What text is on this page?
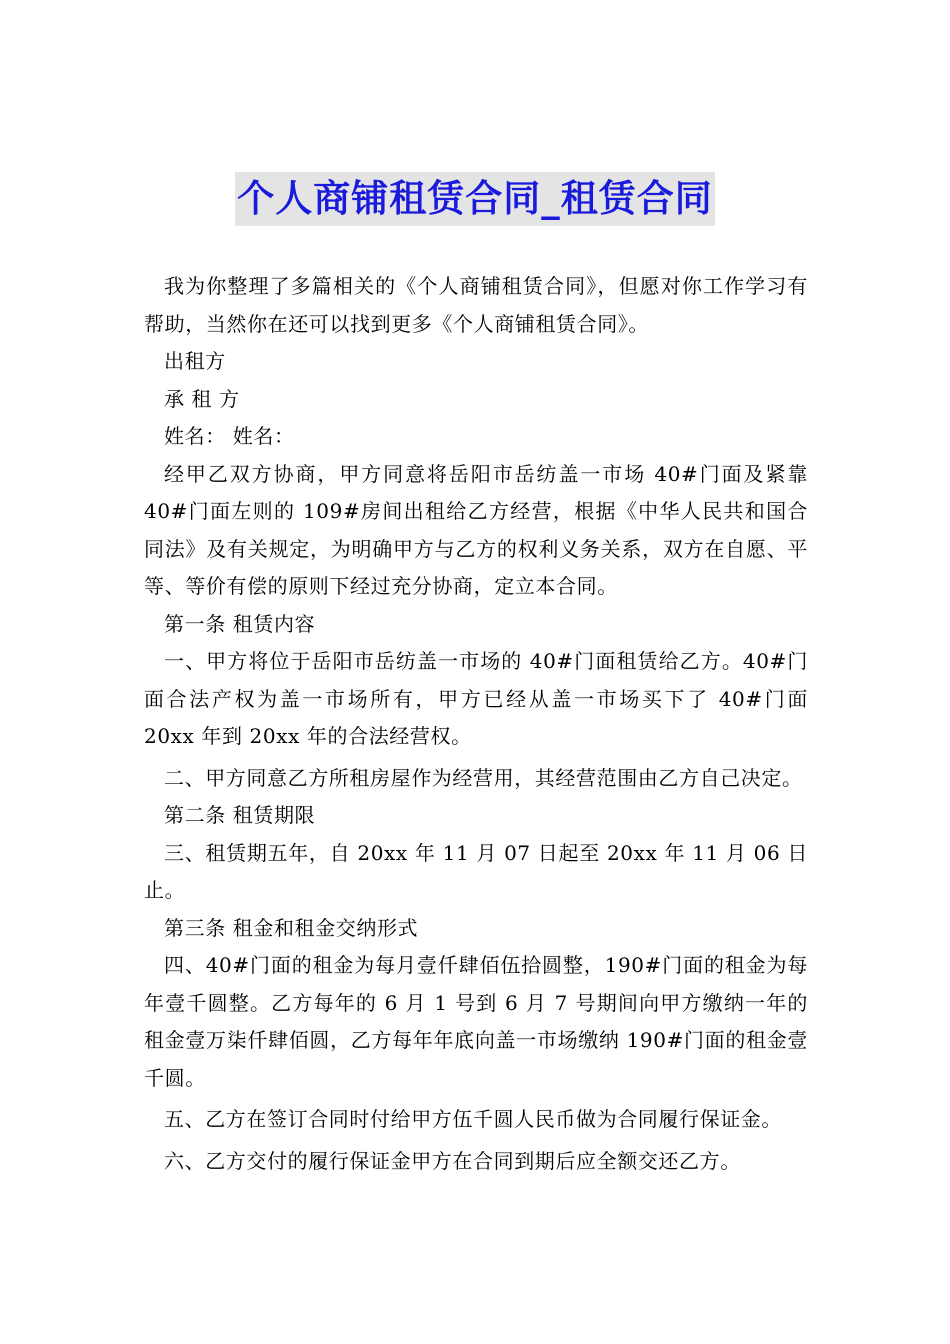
个人商铺租赁合同_租赁合同

我为你整理了多篇相关的《个人商铺租赁合同》，但愿对你工作学习有帮助，当然你在还可以找到更多《个人商铺租赁合同》。

出租方

承 租 方

姓名： 姓名：

经甲乙双方协商，甲方同意将岳阳市岳纺盖一市场 40#门面及紧靠 40#门面左则的 109#房间出租给乙方经营，根据《中华人民共和国合同法》及有关规定，为明确甲方与乙方的权利义务关系，双方在自愿、平等、等价有偿的原则下经过充分协商，定立本合同。

第一条 租赁内容

一、甲方将位于岳阳市岳纺盖一市场的 40#门面租赁给乙方。40#门面合法产权为盖一市场所有，甲方已经从盖一市场买下了 40#门面 20xx 年到 20xx 年的合法经营权。

二、甲方同意乙方所租房屋作为经营用，其经营范围由乙方自己决定。

第二条 租赁期限

三、租赁期五年，自 20xx 年 11 月 07 日起至 20xx 年 11 月 06 日止。

第三条 租金和租金交纳形式

四、40#门面的租金为每月壹仟肆佰伍拾圆整，190#门面的租金为每年壹千圆整。乙方每年的 6 月 1 号到 6 月 7 号期间向甲方缴纳一年的租金壹万柒仟肆佰圆，乙方每年年底向盖一市场缴纳 190#门面的租金壹千圆。

五、乙方在签订合同时付给甲方伍千圆人民币做为合同履行保证金。

六、乙方交付的履行保证金甲方在合同到期后应全额交还乙方。
